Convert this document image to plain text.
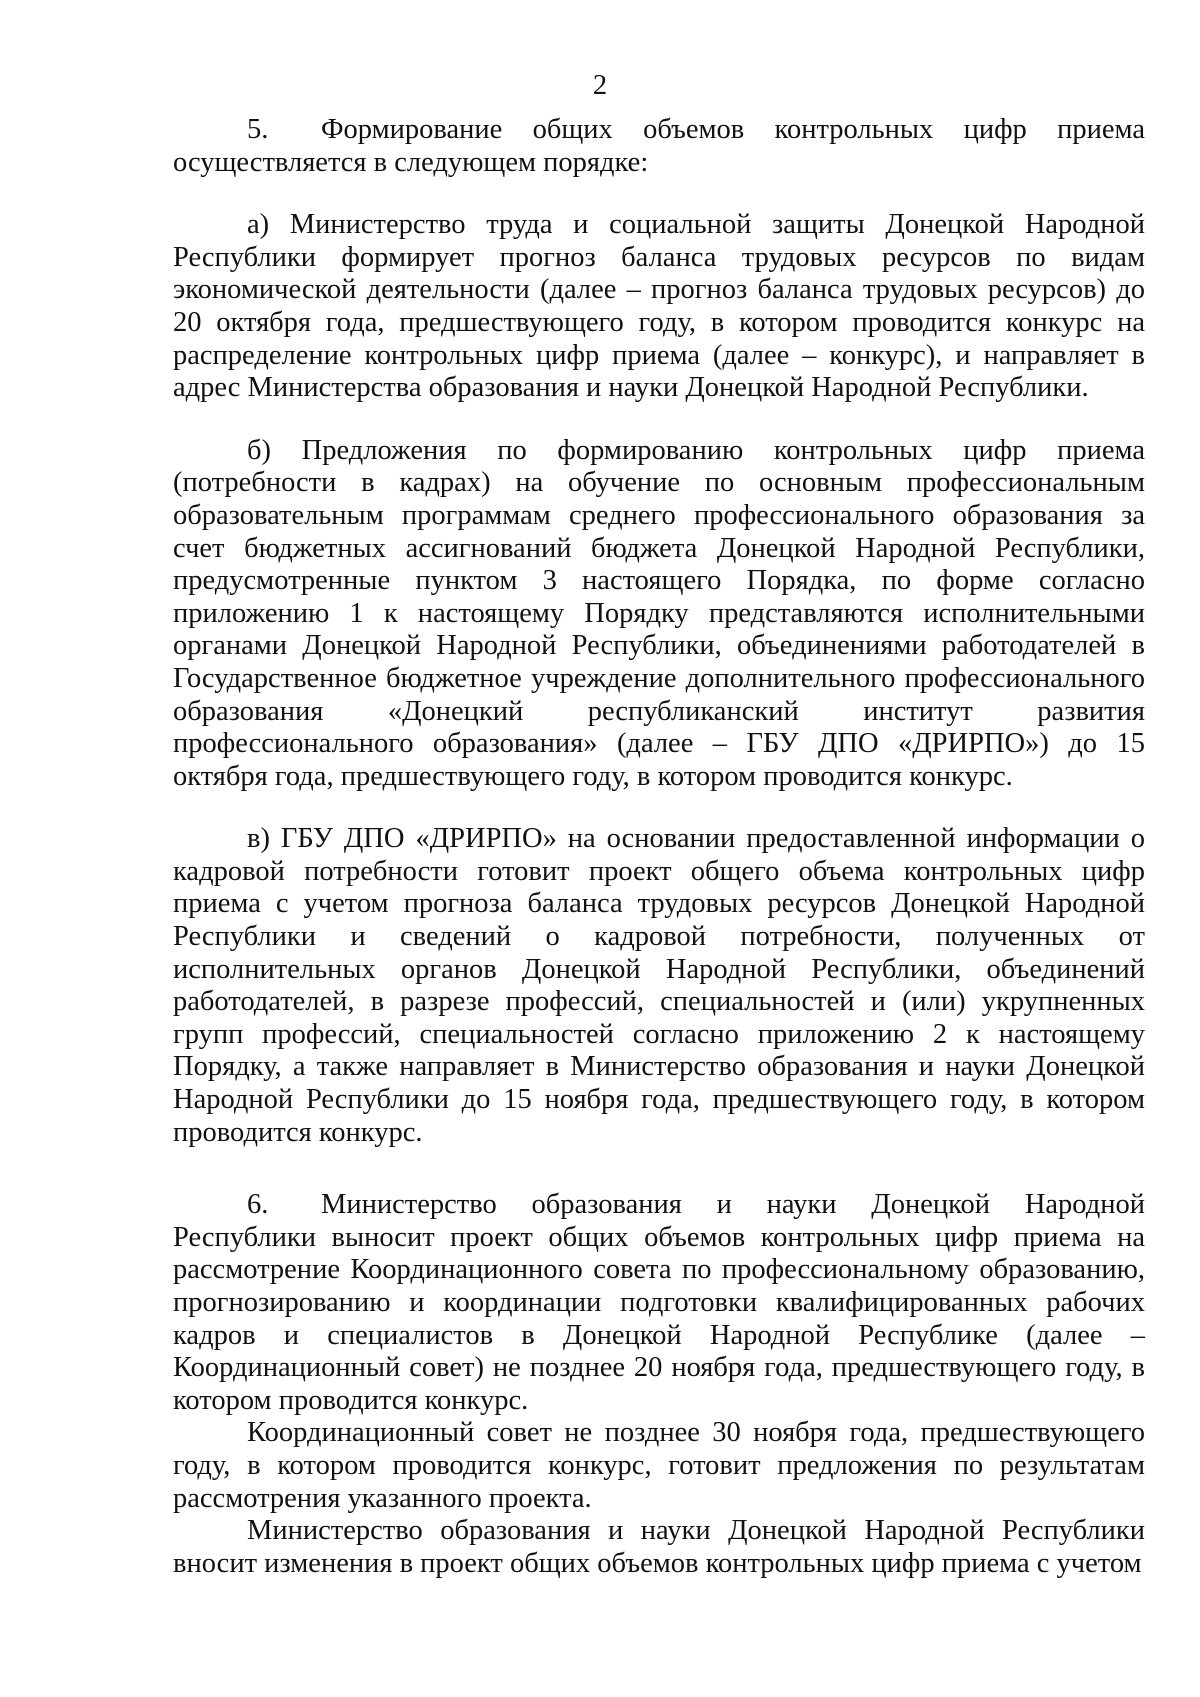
2

5. Формирование общих объемов контрольных цифр приема осуществляется в следующем порядке:

а) Министерство труда и социальной защиты Донецкой Народной Республики формирует прогноз баланса трудовых ресурсов по видам экономической деятельности (далее – прогноз баланса трудовых ресурсов) до 20 октября года, предшествующего году, в котором проводится конкурс на распределение контрольных цифр приема (далее – конкурс), и направляет в адрес Министерства образования и науки Донецкой Народной Республики.

б) Предложения по формированию контрольных цифр приема (потребности в кадрах) на обучение по основным профессиональным образовательным программам среднего профессионального образования за счет бюджетных ассигнований бюджета Донецкой Народной Республики, предусмотренные пунктом 3 настоящего Порядка, по форме согласно приложению 1 к настоящему Порядку представляются исполнительными органами Донецкой Народной Республики, объединениями работодателей в Государственное бюджетное учреждение дополнительного профессионального образования «Донецкий республиканский институт развития профессионального образования» (далее – ГБУ ДПО «ДРИРПО») до 15 октября года, предшествующего году, в котором проводится конкурс.

в) ГБУ ДПО «ДРИРПО» на основании предоставленной информации о кадровой потребности готовит проект общего объема контрольных цифр приема с учетом прогноза баланса трудовых ресурсов Донецкой Народной Республики и сведений о кадровой потребности, полученных от исполнительных органов Донецкой Народной Республики, объединений работодателей, в разрезе профессий, специальностей и (или) укрупненных групп профессий, специальностей согласно приложению 2 к настоящему Порядку, а также направляет в Министерство образования и науки Донецкой Народной Республики до 15 ноября года, предшествующего году, в котором проводится конкурс.

6. Министерство образования и науки Донецкой Народной Республики выносит проект общих объемов контрольных цифр приема на рассмотрение Координационного совета по профессиональному образованию, прогнозированию и координации подготовки квалифицированных рабочих кадров и специалистов в Донецкой Народной Республике (далее – Координационный совет) не позднее 20 ноября года, предшествующего году, в котором проводится конкурс.

Координационный совет не позднее 30 ноября года, предшествующего году, в котором проводится конкурс, готовит предложения по результатам рассмотрения указанного проекта.

Министерство образования и науки Донецкой Народной Республики вносит изменения в проект общих объемов контрольных цифр приема с учетом
